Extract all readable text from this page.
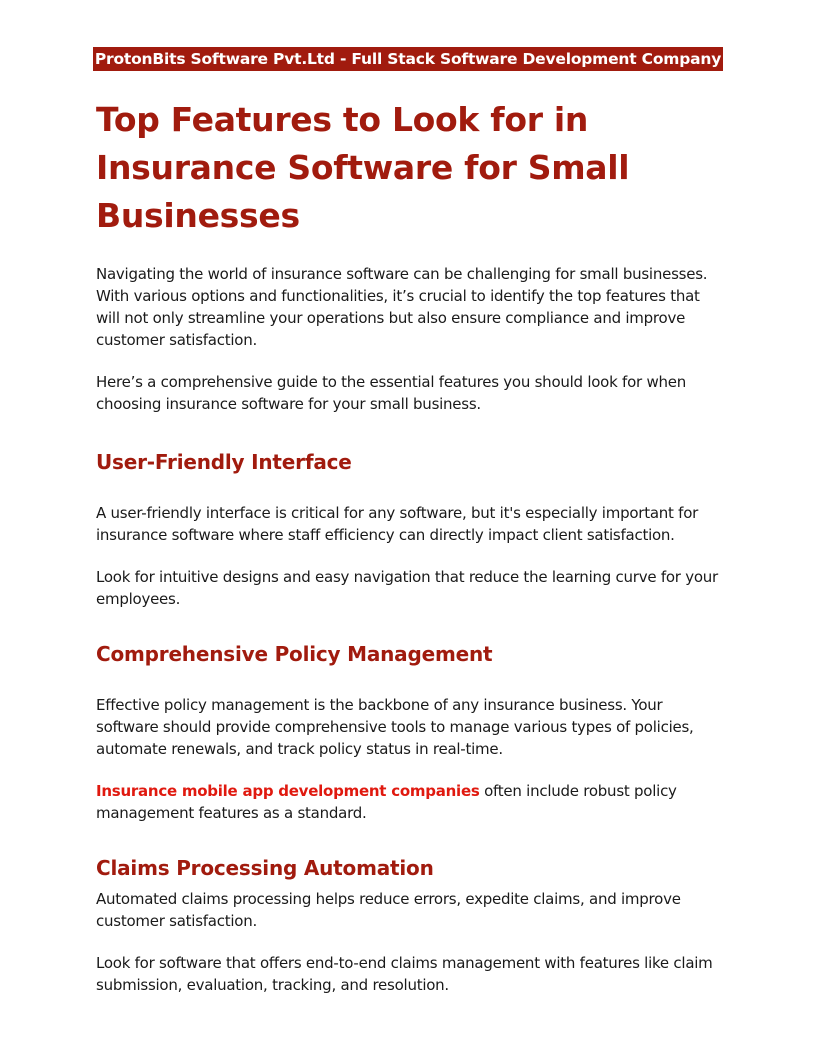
ProtonBits Software Pvt.Ltd - Full Stack Software Development Company
Top Features to Look for in Insurance Software for Small Businesses

Navigating the world of insurance software can be challenging for small businesses. With various options and functionalities, it’s crucial to identify the top features that will not only streamline your operations but also ensure compliance and improve customer satisfaction.

Here’s a comprehensive guide to the essential features you should look for when choosing insurance software for your small business.

User-Friendly Interface

A user-friendly interface is critical for any software, but it's especially important for insurance software where staff efficiency can directly impact client satisfaction.

Look for intuitive designs and easy navigation that reduce the learning curve for your employees.

Comprehensive Policy Management

Effective policy management is the backbone of any insurance business. Your software should provide comprehensive tools to manage various types of policies, automate renewals, and track policy status in real-time.

Insurance mobile app development companies often include robust policy management features as a standard.

Claims Processing Automation

Automated claims processing helps reduce errors, expedite claims, and improve customer satisfaction.

Look for software that offers end-to-end claims management with features like claim submission, evaluation, tracking, and resolution.
